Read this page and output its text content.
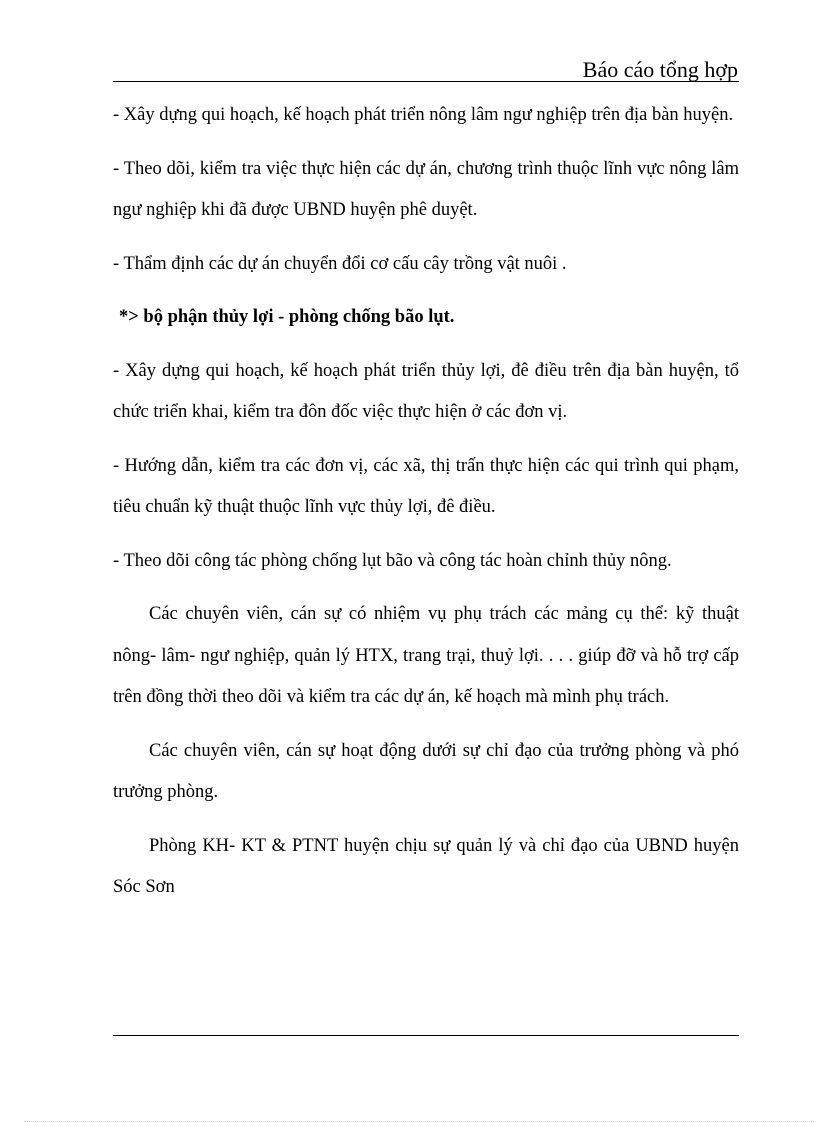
Báo cáo tổng hợp

- Xây dựng qui hoạch, kế hoạch phát triển nông lâm ngư nghiệp trên địa bàn huyện.

- Theo dõi, kiểm tra việc thực hiện các dự án, chương trình thuộc lĩnh vực nông lâm ngư nghiệp khi đã được UBND huyện phê duyệt.

- Thẩm định các dự án chuyển đổi cơ cấu cây trồng vật nuôi .

*> bộ phận thủy lợi - phòng chống bão lụt.

- Xây dựng qui hoạch, kế hoạch phát triển thủy lợi, đê điều trên địa bàn huyện, tổ chức triển khai, kiểm tra đôn đốc việc thực hiện ở các đơn vị.

- Hướng dẫn, kiểm tra các đơn vị, các xã, thị trấn thực hiện các qui trình qui phạm, tiêu chuẩn kỹ thuật thuộc lĩnh vực thủy lợi, đê điều.

- Theo dõi công tác phòng chống lụt bão và công tác hoàn chỉnh thủy nông.

Các chuyên viên, cán sự có nhiệm vụ phụ trách các mảng cụ thể: kỹ thuật nông- lâm- ngư nghiệp, quản lý HTX, trang trại, thuỷ lợi. . . . giúp đỡ và hỗ trợ cấp trên đồng thời theo dõi và kiểm tra các dự án, kế hoạch mà mình phụ trách.

Các chuyên viên, cán sự hoạt động dưới sự chỉ đạo của trưởng phòng và phó trưởng phòng.

Phòng KH- KT & PTNT huyện chịu sự quản lý và chỉ đạo của UBND huyện Sóc Sơn
